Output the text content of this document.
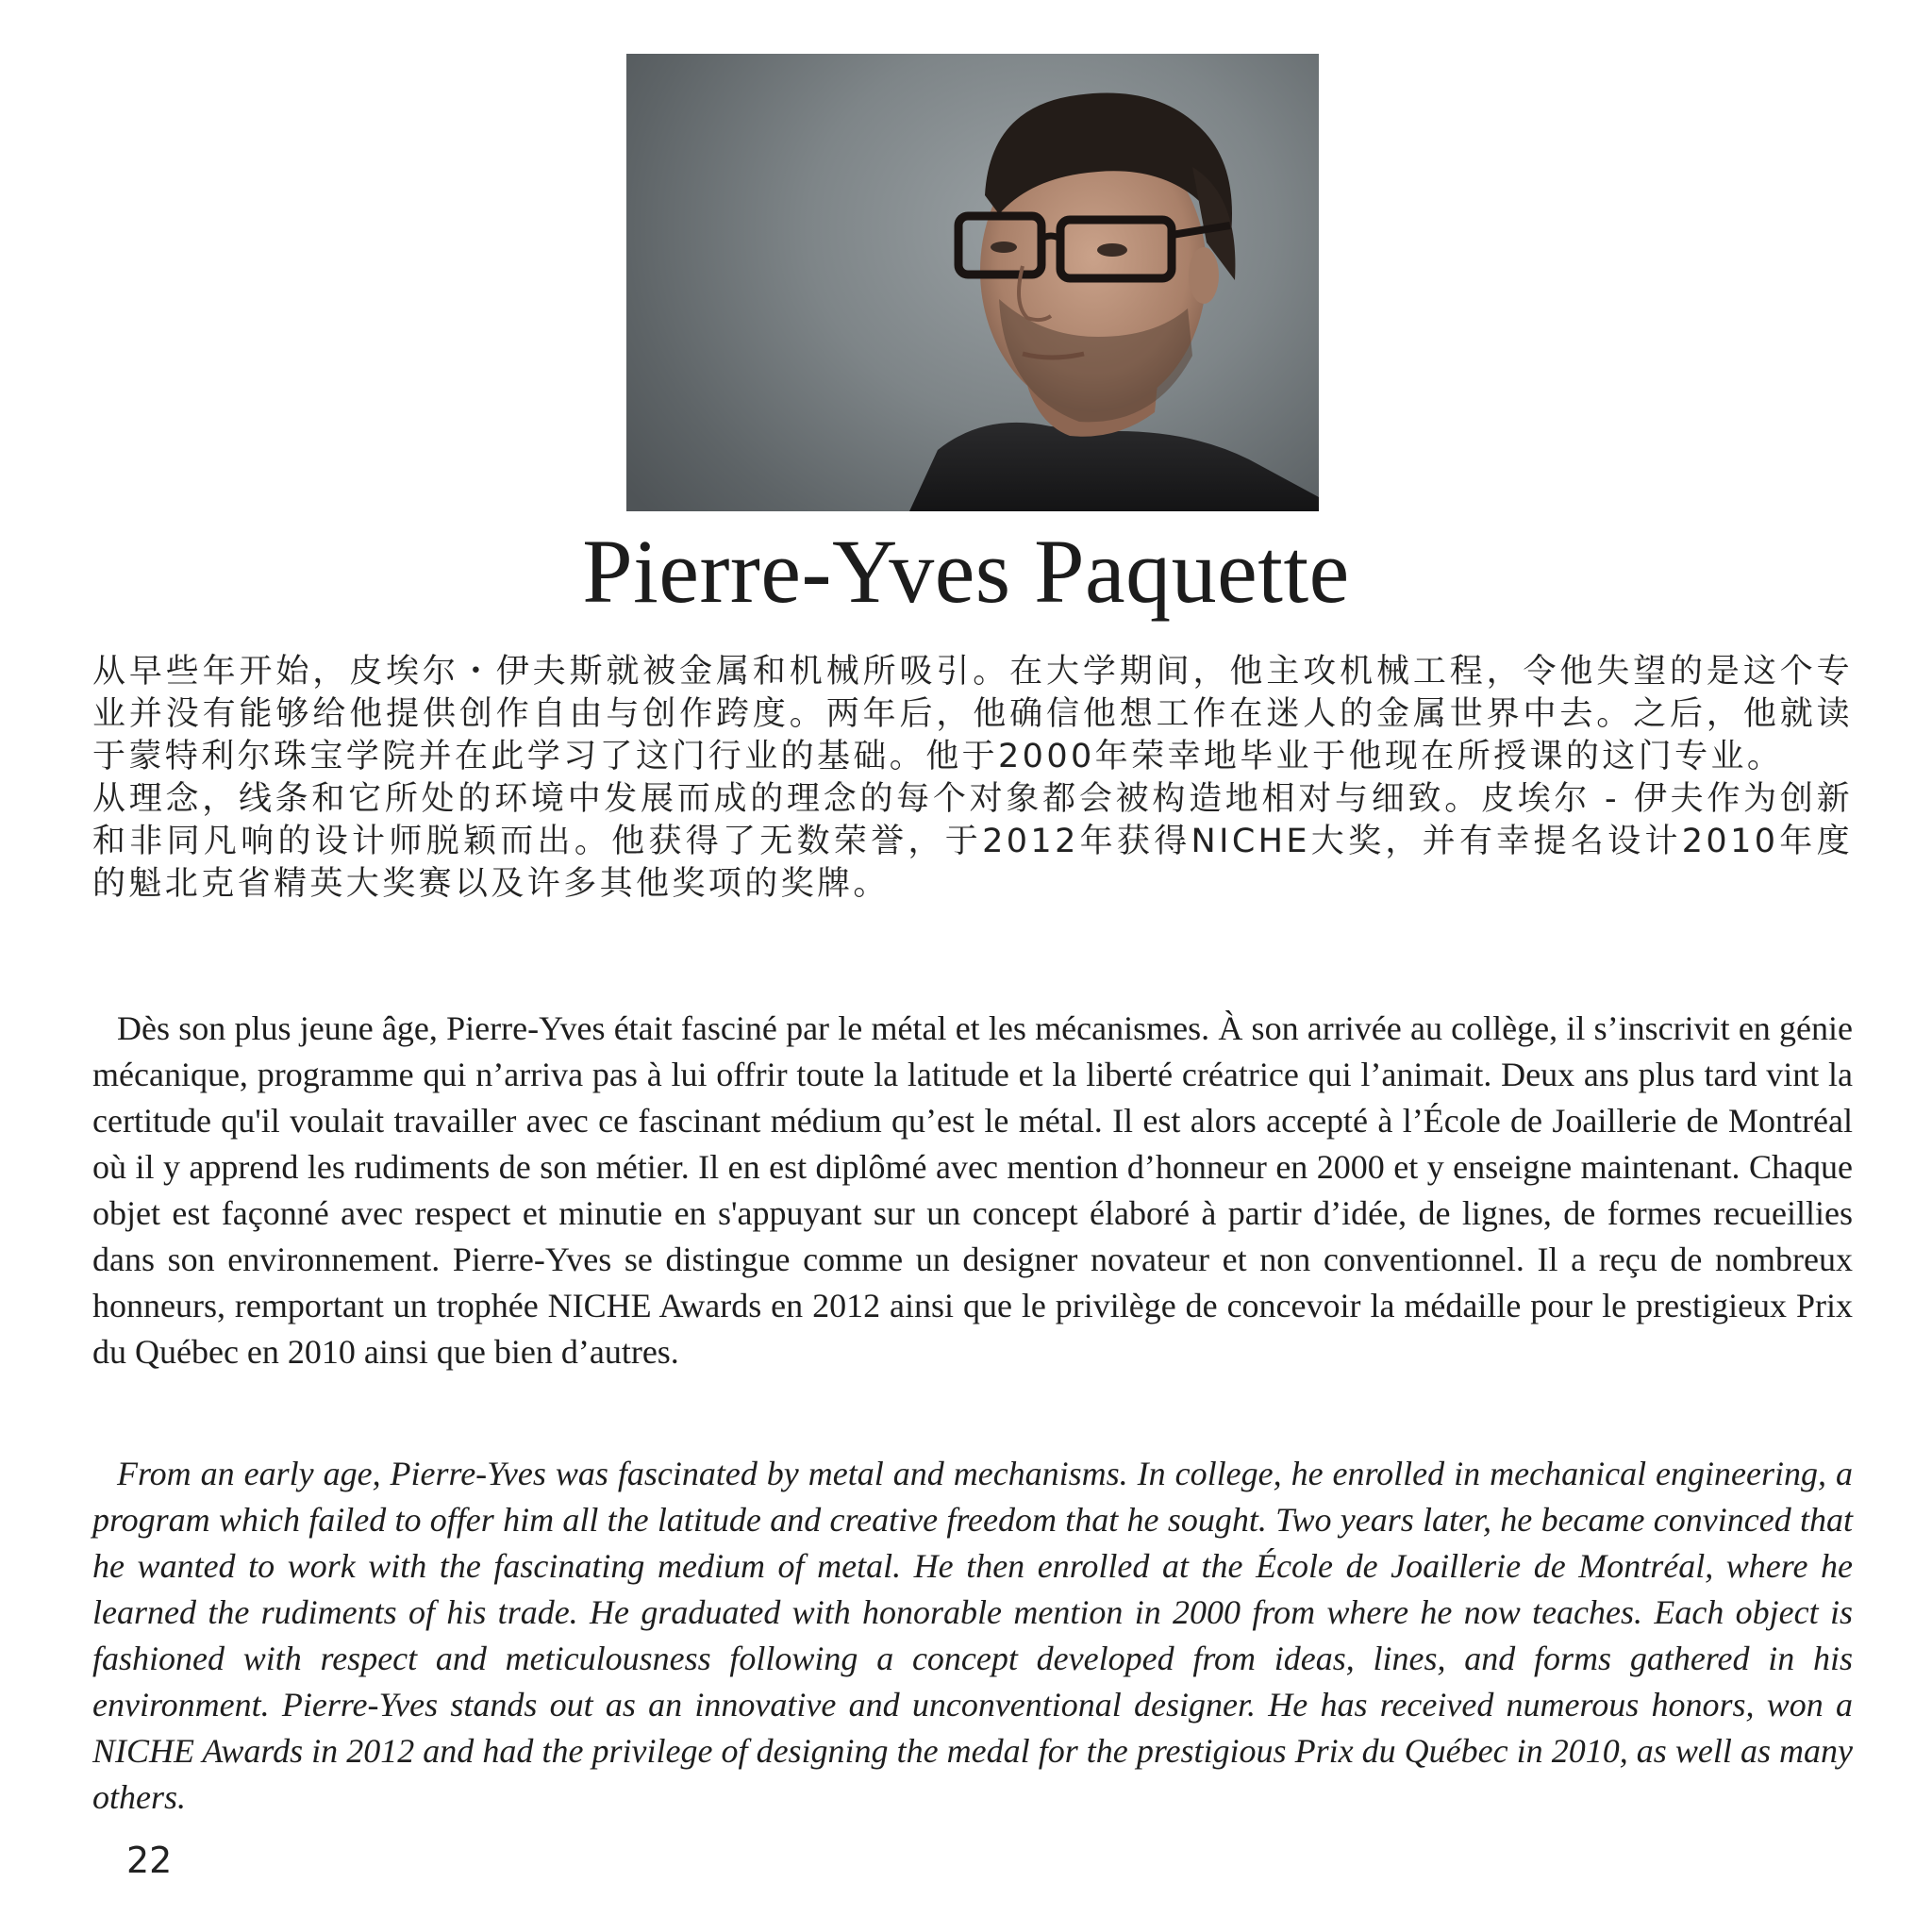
Pierre-Yves Paquette

从早些年开始，皮埃尔・伊夫斯就被金属和机械所吸引。在大学期间，他主攻机械工程，令他失望的是这个专业并没有能够给他提供创作自由与创作跨度。两年后，他确信他想工作在迷人的金属世界中去。之后，他就读于蒙特利尔珠宝学院并在此学习了这门行业的基础。他于2000年荣幸地毕业于他现在所授课的这门专业。

从理念，线条和它所处的环境中发展而成的理念的每个对象都会被构造地相对与细致。皮埃尔 - 伊夫作为创新和非同凡响的设计师脱颖而出。他获得了无数荣誉，于2012年获得NICHE大奖，并有幸提名设计2010年度的魁北克省精英大奖赛以及许多其他奖项的奖牌。

Dès son plus jeune âge, Pierre-Yves était fasciné par le métal et les mécanismes. À son arrivée au collège, il s’inscrivit en génie mécanique, programme qui n’arriva pas à lui offrir toute la latitude et la liberté créatrice qui l’animait. Deux ans plus tard vint la certitude qu'il voulait travailler avec ce fascinant médium qu’est le métal. Il est alors accepté à l’École de Joaillerie de Montréal où il y apprend les rudiments de son métier. Il en est diplômé avec mention d’honneur en 2000 et y enseigne maintenant. Chaque objet est façonné avec respect et minutie en s'appuyant sur un concept élaboré à partir d’idée, de lignes, de formes recueillies dans son environnement. Pierre-Yves se distingue comme un designer novateur et non conventionnel. Il a reçu de nombreux honneurs, remportant un trophée NICHE Awards en 2012 ainsi que le privilège de concevoir la médaille pour le prestigieux Prix du Québec en 2010 ainsi que bien d’autres.

From an early age, Pierre-Yves was fascinated by metal and mechanisms. In college, he enrolled in mechanical engineering, a program which failed to offer him all the latitude and creative freedom that he sought. Two years later, he became convinced that he wanted to work with the fascinating medium of metal. He then enrolled at the École de Joaillerie de Montréal, where he learned the rudiments of his trade. He graduated with honorable mention in 2000 from where he now teaches. Each object is fashioned with respect and meticulousness following a concept developed from ideas, lines, and forms gathered in his environment. Pierre-Yves stands out as an innovative and unconventional designer. He has received numerous honors, won a NICHE Awards in 2012 and had the privilege of designing the medal for the prestigious Prix du Québec in 2010, as well as many others.

22
